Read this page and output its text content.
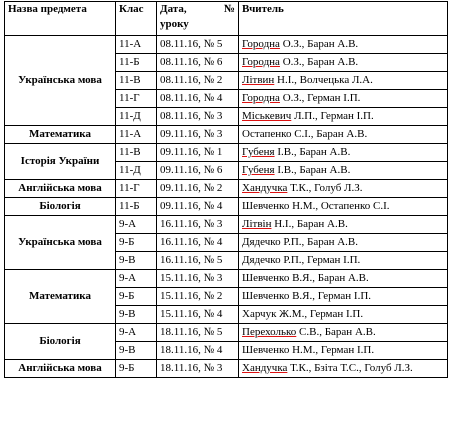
Назва предмета	Клас	Дата, №
уроку	Вчитель
Українська мова	11-А	08.11.16, № 5	Городна О.З., Баран А.В.
	11-Б	08.11.16, № 6	Городна О.З., Баран А.В.
	11-В	08.11.16, № 2	Літвин Н.І., Волчецька Л.А.
	11-Г	08.11.16, № 4	Городна О.З., Герман І.П.
	11-Д	08.11.16, № 3	Міськевич Л.П., Герман І.П.
Математика	11-А	09.11.16, № 3	Остапенко С.І., Баран А.В.
Історія України	11-В	09.11.16, № 1	Губеня І.В., Баран А.В.
	11-Д	09.11.16, № 6	Губеня І.В., Баран А.В.
Англійська мова	11-Г	09.11.16, № 2	Хандучка Т.К., Голуб Л.З.
Біологія	11-Б	09.11.16, № 4	Шевченко Н.М., Остапенко С.І.
Українська мова	9-А	16.11.16, № 3	Літвін Н.І., Баран А.В.
	9-Б	16.11.16, № 4	Дядечко Р.П., Баран А.В.
	9-В	16.11.16, № 5	Дядечко Р.П., Герман І.П.
Математика	9-А	15.11.16, № 3	Шевченко В.Я., Баран А.В.
	9-Б	15.11.16, № 2	Шевченко В.Я., Герман І.П.
	9-В	15.11.16, № 4	Харчук Ж.М., Герман І.П.
Біологія	9-А	18.11.16, № 5	Перехолько С.В., Баран А.В.
	9-В	18.11.16, № 4	Шевченко Н.М., Герман І.П.
Англійська мова	9-Б	18.11.16, № 3	Хандучка Т.К., Бзіта Т.С., Голуб Л.З.
